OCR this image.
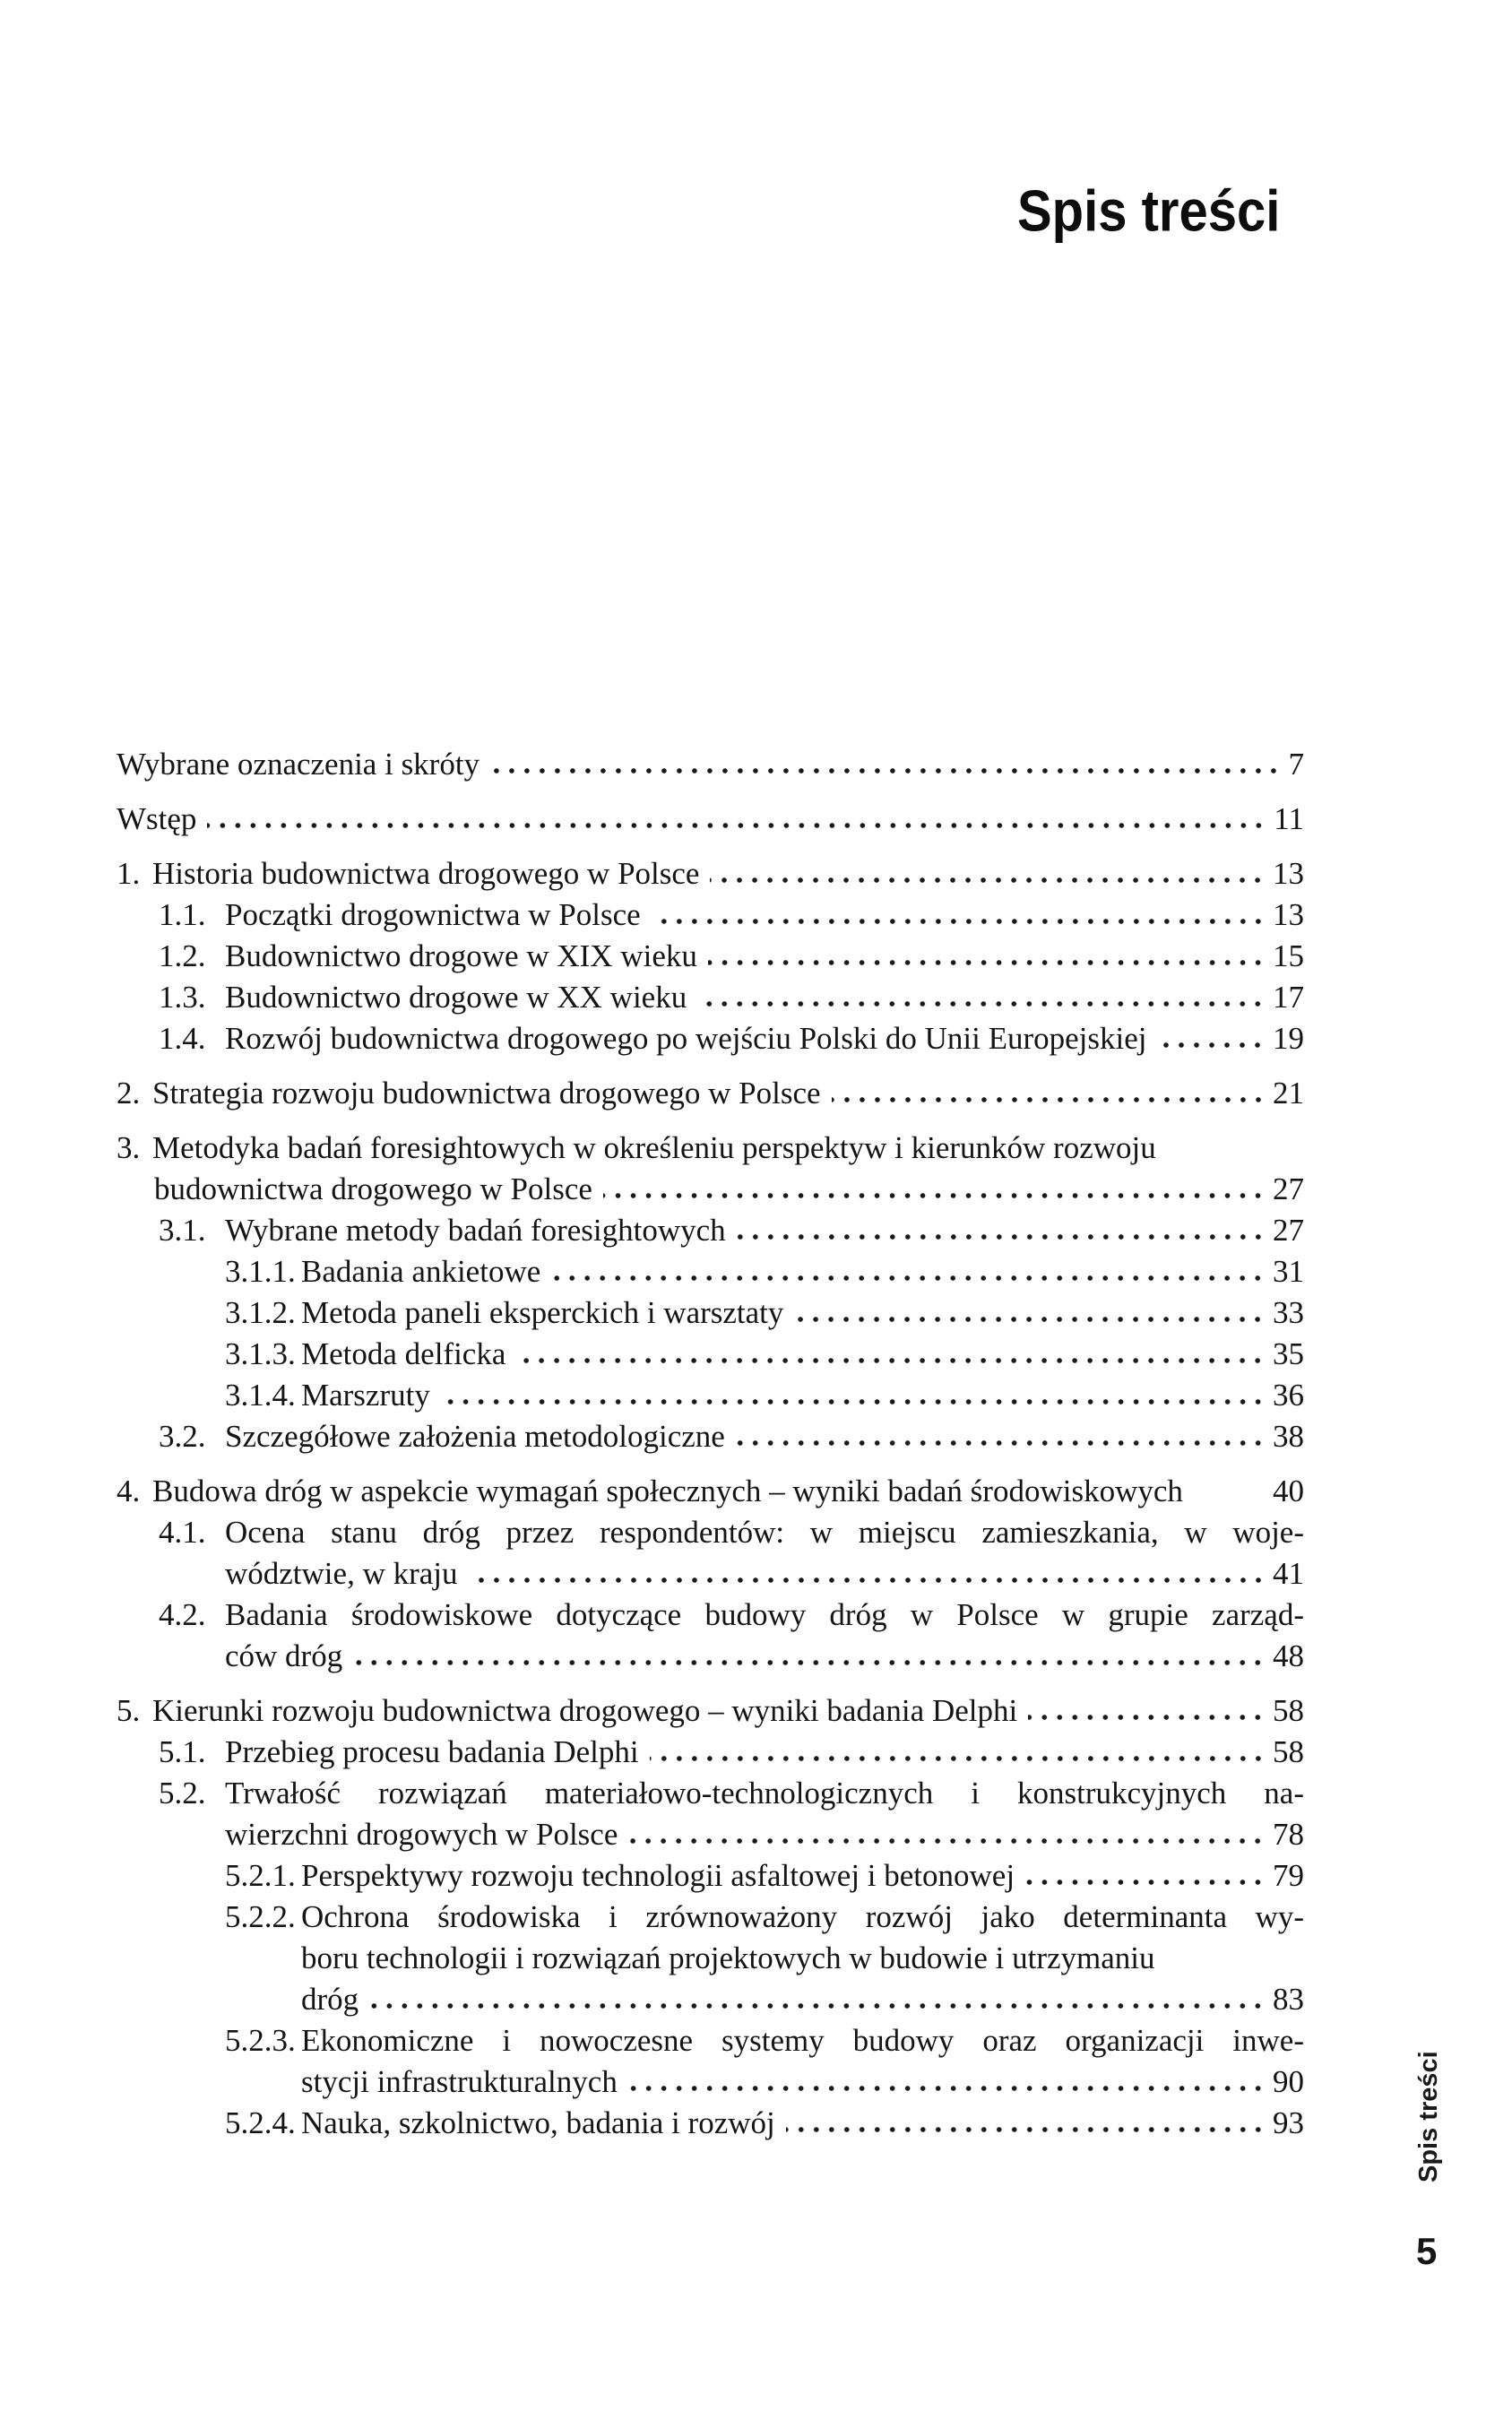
Spis treści
Wybrane oznaczenia i skróty	7
Wstęp	11
1. Historia budownictwa drogowego w Polsce	13
1.1. Początki drogownictwa w Polsce	13
1.2. Budownictwo drogowe w XIX wieku	15
1.3. Budownictwo drogowe w XX wieku	17
1.4. Rozwój budownictwa drogowego po wejściu Polski do Unii Europejskiej	19
2. Strategia rozwoju budownictwa drogowego w Polsce	21
3. Metodyka badań foresightowych w określeniu perspektyw i kierunków rozwoju
budownictwa drogowego w Polsce	27
3.1. Wybrane metody badań foresightowych	27
3.1.1. Badania ankietowe	31
3.1.2. Metoda paneli eksperckich i warsztaty	33
3.1.3. Metoda delficka	35
3.1.4. Marszruty	36
3.2. Szczegółowe założenia metodologiczne	38
4. Budowa dróg w aspekcie wymagań społecznych – wyniki badań środowiskowych	40
4.1. Ocena stanu dróg przez respondentów: w miejscu zamieszkania, w woje-
wództwie, w kraju	41
4.2. Badania środowiskowe dotyczące budowy dróg w Polsce w grupie zarząd-
ców dróg	48
5. Kierunki rozwoju budownictwa drogowego – wyniki badania Delphi	58
5.1. Przebieg procesu badania Delphi	58
5.2. Trwałość rozwiązań materiałowo-technologicznych i konstrukcyjnych na-
wierzchni drogowych w Polsce	78
5.2.1. Perspektywy rozwoju technologii asfaltowej i betonowej	79
5.2.2. Ochrona środowiska i zrównoważony rozwój jako determinanta wy-
boru technologii i rozwiązań projektowych w budowie i utrzymaniu
dróg	83
5.2.3. Ekonomiczne i nowoczesne systemy budowy oraz organizacji inwe-
stycji infrastrukturalnych	90
5.2.4. Nauka, szkolnictwo, badania i rozwój	93	Spis treści
5
